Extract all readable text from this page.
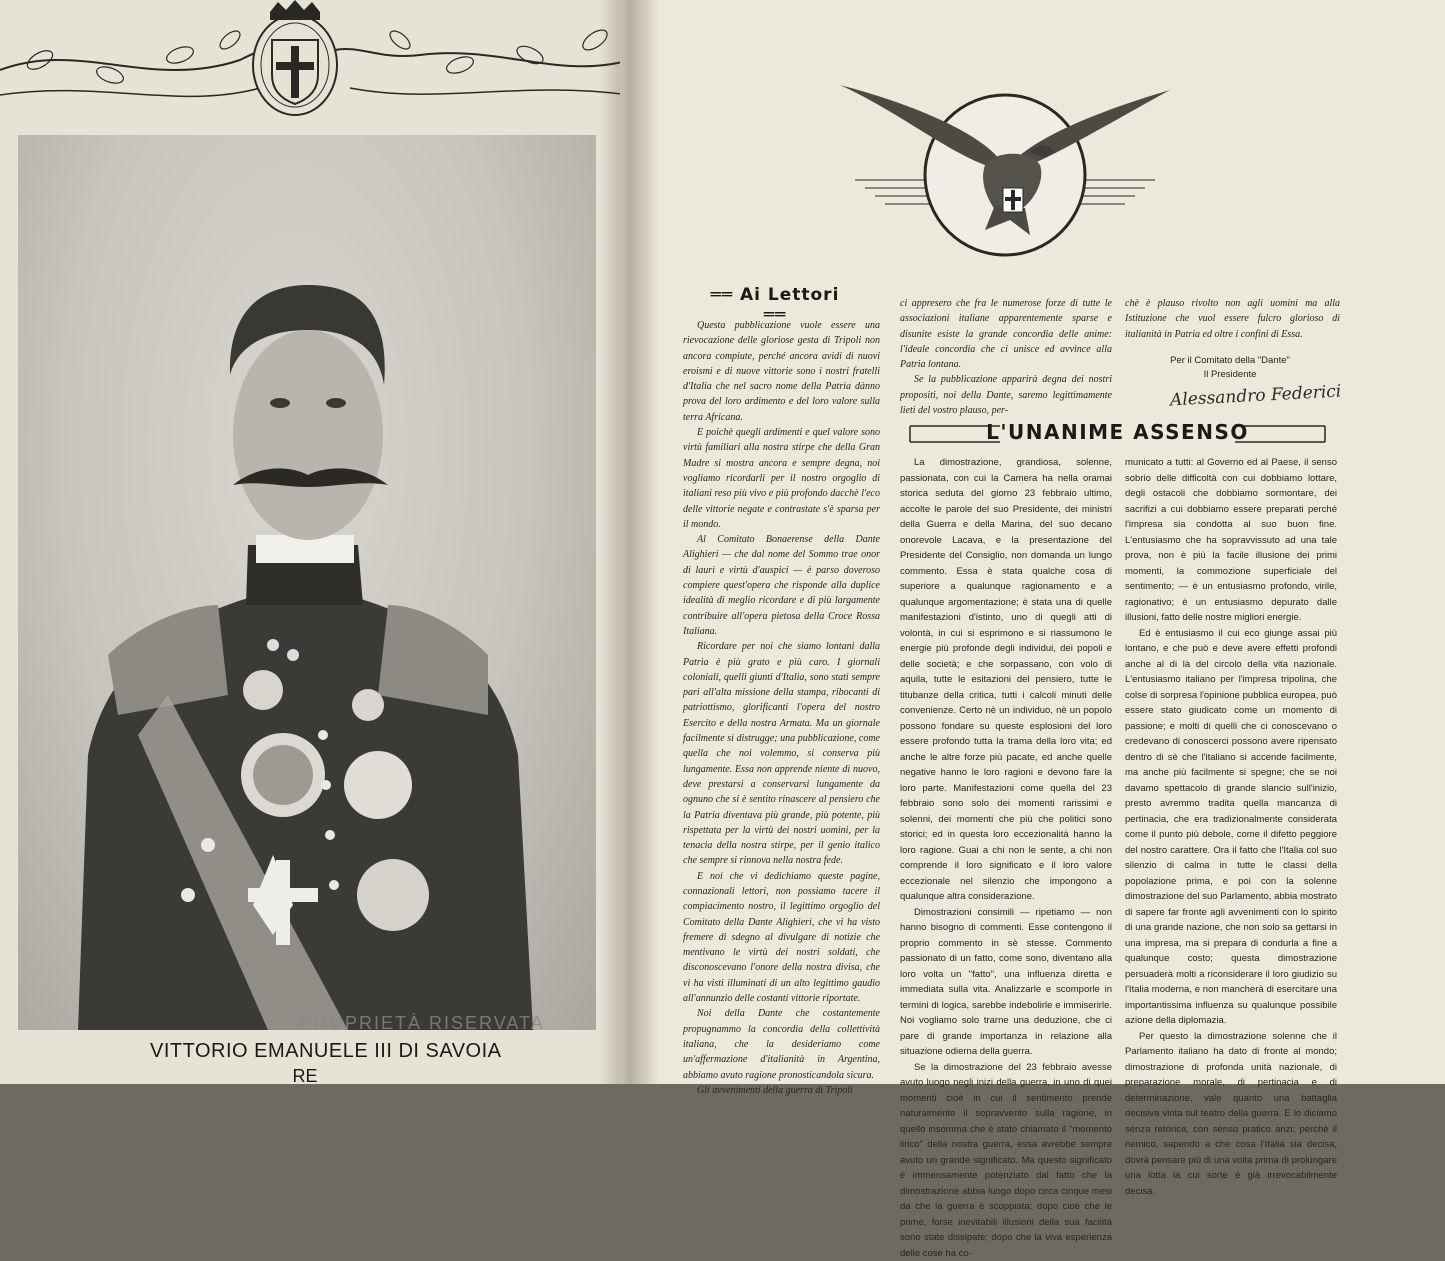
PROPRIETÀ RISERVATA
VITTORIO EMANUELE III DI SAVOIA
RE
══ Ai Lettori ══

Questa pubblicazione vuole essere una rievocazione delle gloriose gesta di Tripoli non ancora compiute, perché ancora avidi di nuovi eroismi e di nuove vittorie sono i nostri fratelli d'Italia che nel sacro nome della Patria dànno prova del loro ardimento e del loro valore sulla terra Africana.

E poichè quegli ardimenti e quel valore sono virtù familiari alla nostra stirpe che della Gran Madre si mostra ancora e sempre degna, noi vogliamo ricordarli per il nostro orgoglio di italiani reso più vivo e più profondo dacchè l'eco delle vittorie negate e contrastate s'è sparsa per il mondo.

Al Comitato Bonaerense della Dante Alighieri — che dal nome del Sommo trae onor di lauri e virtù d'auspici — è parso doveroso compiere quest'opera che risponde alla duplice idealità di meglio ricordare e di più largamente contribuire all'opera pietosa della Croce Rossa Italiana.

Ricordare per noi che siamo lontani dalla Patria è più grato e più caro. I giornali coloniali, quelli giunti d'Italia, sono stati sempre pari all'alta missione della stampa, ribocanti di patriottismo, glorificanti l'opera del nostro Esercito e della nostra Armata. Ma un giornale facilmente si distrugge; una pubblicazione, come quella che noi volemmo, si conserva più lungamente. Essa non apprende niente di nuovo, deve prestarsi a conservarsi lungamente da ognuno che si è sentito rinascere al pensiero che la Patria diventava più grande, più potente, più rispettata per la virtù dei nostri uomini, per la tenacia della nostra stirpe, per il genio italico che sempre si rinnova nella nostra fede.

E noi che vi dedichiamo queste pagine, connazionali lettori, non possiamo tacere il compiacimento nostro, il legittimo orgoglio del Comitato della Dante Alighieri, che vi ha visto fremere di sdegno al divulgare di notizie che mentivano le virtù dei nostri soldati, che disconoscevano l'onore della nostra divisa, che vi ha visti illuminati di un alto legittimo gaudio all'annunzio delle costanti vittorie riportate.

Noi della Dante che costantemente propugnammo la concordia della collettività italiana, che la desideriamo come un'affermazione d'italianità in Argentina, abbiamo avuto ragione pronosticandola sicura.

Gli avvenimenti della guerra di Tripoli

ci appresero che fra le numerose forze di tutte le associazioni italiane apparentemente sparse e disunite esiste la grande concordia delle anime: l'ideale concordia che ci unisce ed avvince alla Patria lontana.

Se la pubblicazione apparirà degna dei nostri propositi, noi della Dante, saremo legittimamente lieti del vostro plauso, per-

chè è plauso rivolto non agli uomini ma alla Istituzione che vuol essere fulcro glorioso di italianità in Patria ed oltre i confini di Essa.

Per il Comitato della "Dante"
Il Presidente
Alessandro Federici
L'UNANIME ASSENSO

La dimostrazione, grandiosa, solenne, passionata, con cui la Camera ha nella oramai storica seduta del giorno 23 febbraio ultimo, accolte le parole del suo Presidente, dei ministri della Guerra e della Marina, del suo decano onorevole Lacava, e la presentazione del Presidente del Consiglio, non domanda un lungo commento. Essa è stata qualche cosa di superiore a qualunque ragionamento e a qualunque argomentazione; è stata una di quelle manifestazioni d'istinto, uno di quegli atti di volontà, in cui si esprimono e si riassumono le energie più profonde degli individui, dei popoli e delle società; e che sorpassano, con volo di aquila, tutte le esitazioni del pensiero, tutte le titubanze della critica, tutti i calcoli minuti delle convenienze. Certo nè un individuo, nè un popolo possono fondare su queste esplosioni del loro essere profondo tutta la trama della loro vita; ed anche le altre forze più pacate, ed anche quelle negative hanno le loro ragioni e devono fare la loro parte. Manifestazioni come quella del 23 febbraio sono solo dei momenti rarissimi e solenni, dei momenti che più che politici sono storici; ed in questa loro eccezionalità hanno la loro ragione. Guai a chi non le sente, a chi non comprende il loro significato e il loro valore eccezionale nel silenzio che impongono a qualunque altra considerazione.

Dimostrazioni consimili — ripetiamo — non hanno bisogno di commenti. Esse contengono il proprio commento in sè stesse. Commento passionato di un fatto, come sono, diventano alla loro volta un "fatto", una influenza diretta e immediata sulla vita. Analizzarle e scomporle in termini di logica, sarebbe indebolirle e immiserirle. Noi vogliamo solo trarne una deduzione, che ci pare di grande importanza in relazione alla situazione odierna della guerra.

Se la dimostrazione del 23 febbraio avesse avuto luogo negli inizi della guerra, in uno di quei momenti cioè in cui il sentimento prende naturalmente il sopravvento sulla ragione, in quello insomma che è stato chiamato il "momento lirico" della nostra guerra, essa avrebbe sempre avuto un grande significato. Ma questo significato è immensamente potenziato dal fatto che la dimostrazione abbia luogo dopo circa cinque mesi da che la guerra è scoppiata; dopo cioè che le prime, forse inevitabili illusioni della sua facilità sono state dissipate; dopo che la viva esperienza delle cose ha co-

municato a tutti: al Governo ed al Paese, il senso sobrio delle difficoltà con cui dobbiamo lottare, degli ostacoli che dobbiamo sormontare, dei sacrifizi a cui dobbiamo essere preparati perché l'impresa sia condotta al suo buon fine. L'entusiasmo che ha sopravvissuto ad una tale prova, non è più la facile illusione dei primi momenti, la commozione superficiale del sentimento; — è un entusiasmo profondo, virile, ragionativo; è un entusiasmo depurato dalle illusioni, fatto delle nostre migliori energie.

Ed è entusiasmo il cui eco giunge assai più lontano, e che può e deve avere effetti profondi anche al di là del circolo della vita nazionale. L'entusiasmo italiano per l'impresa tripolina, che colse di sorpresa l'opinione pubblica europea, può essere stato giudicato come un momento di passione; e molti di quelli che ci conoscevano o credevano di conoscerci possono avere ripensato dentro di sè che l'italiano si accende facilmente, ma anche più facilmente si spegne; che se noi davamo spettacolo di grande slancio sull'inizio, presto avremmo tradita quella mancanza di pertinacia, che era tradizionalmente considerata come il punto più debole, come il difetto peggiore del nostro carattere. Ora il fatto che l'Italia col suo silenzio di calma in tutte le classi della popolazione prima, e poi con la solenne dimostrazione del suo Parlamento, abbia mostrato di sapere far fronte agli avvenimenti con lo spirito di una grande nazione, che non solo sa gettarsi in una impresa, ma si prepara di condurla a fine a qualunque costo; questa dimostrazione persuaderà molti a riconsiderare il loro giudizio su l'Italia moderna, e non mancherà di esercitare una importantissima influenza su qualunque possibile azione della diplomazia.

Per questo la dimostrazione solenne che il Parlamento italiano ha dato di fronte al mondo; dimostrazione di profonda unità nazionale, di preparazione morale, di pertinacia e di determinazione, vale quanto una battaglia decisiva vinta sul teatro della guerra. E lo diciamo senza retorica, con senso pratico anzi; perchè il nemico, sapendo a che cosa l'Italia sia decisa, dovrà pensare più di una volta prima di prolungare una lotta la cui sorte è già irrevocabilmente decisa.
